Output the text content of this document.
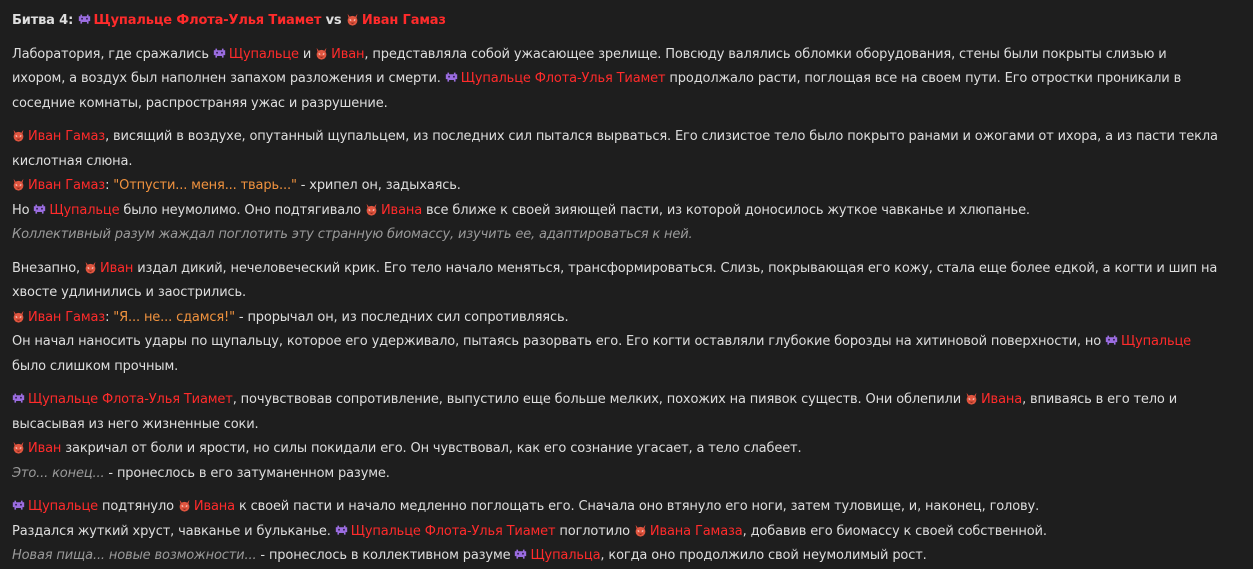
Битва 4: Щупальце Флота-Улья Тиамет vs Иван Гамаз
Лаборатория, где сражались
Щупальце и
Иван, представляла собой ужасающее зрелище. Повсюду валялись обломки оборудования, стены были покрыты слизью и
ихором, а воздух был наполнен запахом разложения и смерти.
Щупальце Флота-Улья Тиамет продолжало расти, поглощая все на своем пути. Его отростки проникали в
соседние комнаты, распространяя ужас и разрушение.
Иван Гамаз, висящий в воздухе, опутанный щупальцем, из последних сил пытался вырваться. Его слизистое тело было покрыто ранами и ожогами от ихора, а из пасти текла
кислотная слюна.
Иван Гамаз: "Отпусти... меня... тварь..." - хрипел он, задыхаясь.
Но
Щупальце было неумолимо. Оно подтягивало
Ивана все ближе к своей зияющей пасти, из которой доносилось жуткое чавканье и хлюпанье.
Коллективный разум жаждал поглотить эту странную биомассу, изучить ее, адаптироваться к ней.
Внезапно,
Иван издал дикий, нечеловеческий крик. Его тело начало меняться, трансформироваться. Слизь, покрывающая его кожу, стала еще более едкой, а когти и шип на
хвосте удлинились и заострились.
Иван Гамаз: "Я... не... сдамся!" - прорычал он, из последних сил сопротивляясь.
Он начал наносить удары по щупальцу, которое его удерживало, пытаясь разорвать его. Его когти оставляли глубокие борозды на хитиновой поверхности, но
Щупальце
было слишком прочным.
Щупальце Флота-Улья Тиамет, почувствовав сопротивление, выпустило еще больше мелких, похожих на пиявок существ. Они облепили
Ивана, впиваясь в его тело и
высасывая из него жизненные соки.
Иван закричал от боли и ярости, но силы покидали его. Он чувствовал, как его сознание угасает, а тело слабеет.
Это... конец... - пронеслось в его затуманенном разуме.
Щупальце подтянуло
Ивана к своей пасти и начало медленно поглощать его. Сначала оно втянуло его ноги, затем туловище, и, наконец, голову.
Раздался жуткий хруст, чавканье и бульканье.
Щупальце Флота-Улья Тиамет поглотило
Ивана Гамаза, добавив его биомассу к своей собственной.
Новая пища... новые возможности... - пронеслось в коллективном разуме
Щупальца, когда оно продолжило свой неумолимый рост.
